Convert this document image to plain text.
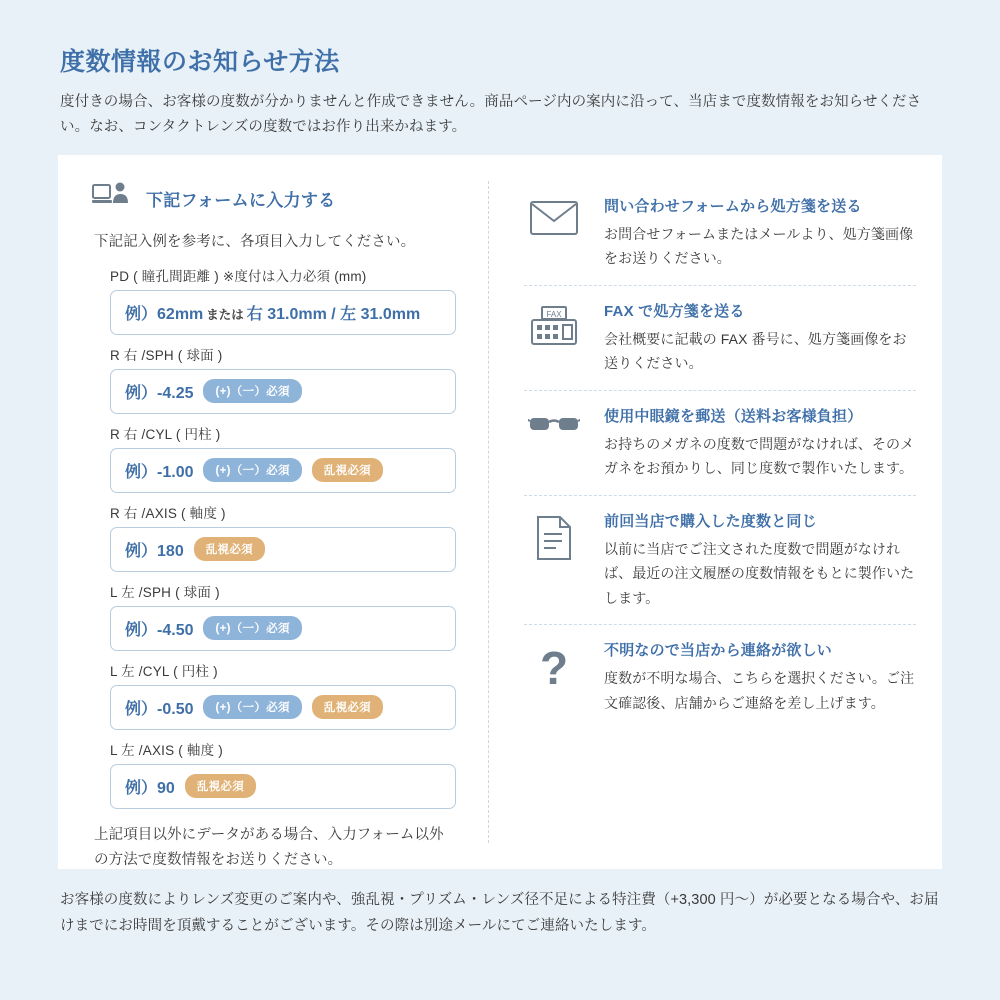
度数情報のお知らせ方法

度付きの場合、お客様の度数が分かりませんと作成できません。商品ページ内の案内に沿って、当店まで度数情報をお知らせください。なお、コンタクトレンズの度数ではお作り出来かねます。

下記フォームに入力する
下記記入例を参考に、各項目入力してください。
PD ( 瞳孔間距離 ) ※度付は入力必須 (mm)
例）62mm または 右 31.0mm / 左 31.0mm
R 右 /SPH ( 球面 )
例）-4.25	(+)（一）必須
R 右 /CYL ( 円柱 )
例）-1.00	(+)（一）必須	乱視必須
R 右 /AXIS ( 軸度 )
例）180	乱視必須
L 左 /SPH ( 球面 )
例）-4.50	(+)（一）必須
L 左 /CYL ( 円柱 )
例）-0.50	(+)（一）必須	乱視必須
L 左 /AXIS ( 軸度 )
例）90	乱視必須
上記項目以外にデータがある場合、入力フォーム以外の方法で度数情報をお送りください。
問い合わせフォームから処方箋を送る
お問合せフォームまたはメールより、処方箋画像をお送りください。
FAX	FAX で処方箋を送る
会社概要に記載の FAX 番号に、処方箋画像をお送りください。
使用中眼鏡を郵送（送料お客様負担）
お持ちのメガネの度数で問題がなければ、そのメガネをお預かりし、同じ度数で製作いたします。
前回当店で購入した度数と同じ
以前に当店でご注文された度数で問題がなければ、最近の注文履歴の度数情報をもとに製作いたします。
? 不明なので当店から連絡が欲しい
度数が不明な場合、こちらを選択ください。ご注文確認後、店舗からご連絡を差し上げます。

お客様の度数によりレンズ変更のご案内や、強乱視・プリズム・レンズ径不足による特注費（+3,300 円～）が必要となる場合や、お届けまでにお時間を頂戴することがございます。その際は別途メールにてご連絡いたします。
